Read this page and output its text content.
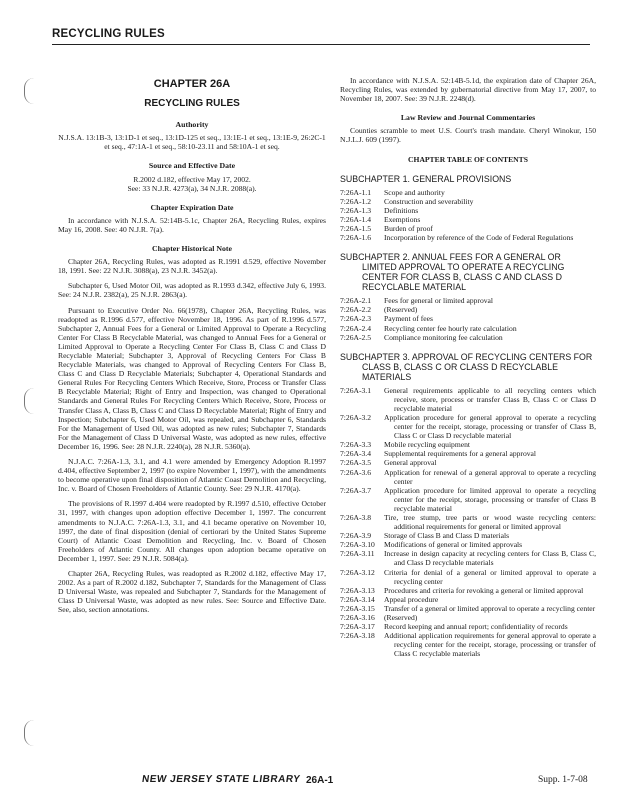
RECYCLING RULES
CHAPTER 26A
RECYCLING RULES
Authority
N.J.S.A. 13:1B-3, 13:1D-1 et seq., 13:1D-125 et seq., 13:1E-1 et seq., 13:1E-9, 26:2C-1 et seq., 47:1A-1 et seq., 58:10-23.11 and 58:10A-1 et seq.
Source and Effective Date
R.2002 d.182, effective May 17, 2002.
See: 33 N.J.R. 4273(a), 34 N.J.R. 2088(a).
Chapter Expiration Date

In accordance with N.J.S.A. 52:14B-5.1c, Chapter 26A, Recycling Rules, expires May 16, 2008. See: 40 N.J.R. 7(a).

Chapter Historical Note

Chapter 26A, Recycling Rules, was adopted as R.1991 d.529, effective November 18, 1991. See: 22 N.J.R. 3088(a), 23 N.J.R. 3452(a).

Subchapter 6, Used Motor Oil, was adopted as R.1993 d.342, effective July 6, 1993. See: 24 N.J.R. 2382(a), 25 N.J.R. 2863(a).

Pursuant to Executive Order No. 66(1978), Chapter 26A, Recycling Rules, was readopted as R.1996 d.577, effective November 18, 1996. As part of R.1996 d.577, Subchapter 2, Annual Fees for a General or Limited Approval to Operate a Recycling Center For Class B Recyclable Material, was changed to Annual Fees for a General or Limited Approval to Operate a Recycling Center For Class B, Class C and Class D Recyclable Material; Subchapter 3, Approval of Recycling Centers For Class B Recyclable Materials, was changed to Approval of Recycling Centers For Class B, Class C and Class D Recyclable Materials; Subchapter 4, Operational Standards and General Rules For Recycling Centers Which Receive, Store, Process or Transfer Class B Recyclable Material; Right of Entry and Inspection, was changed to Operational Standards and General Rules For Recycling Centers Which Receive, Store, Process or Transfer Class A, Class B, Class C and Class D Recyclable Material; Right of Entry and Inspection; Subchapter 6, Used Motor Oil, was repealed, and Subchapter 6, Standards For the Management of Used Oil, was adopted as new rules; Subchapter 7, Standards For the Management of Class D Universal Waste, was adopted as new rules, effective December 16, 1996. See: 28 N.J.R. 2240(a), 28 N.J.R. 5360(a).

N.J.A.C. 7:26A-1.3, 3.1, and 4.1 were amended by Emergency Adoption R.1997 d.404, effective September 2, 1997 (to expire November 1, 1997), with the amendments to become operative upon final disposition of Atlantic Coast Demolition and Recycling, Inc. v. Board of Chosen Freeholders of Atlantic County. See: 29 N.J.R. 4170(a).

The provisions of R.1997 d.404 were readopted by R.1997 d.510, effective October 31, 1997, with changes upon adoption effective December 1, 1997. The concurrent amendments to N.J.A.C. 7:26A-1.3, 3.1, and 4.1 became operative on November 10, 1997, the date of final disposition (denial of certiorari by the United States Supreme Court) of Atlantic Coast Demolition and Recycling, Inc. v. Board of Chosen Freeholders of Atlantic County. All changes upon adoption became operative on December 1, 1997. See: 29 N.J.R. 5084(a).

Chapter 26A, Recycling Rules, was readopted as R.2002 d.182, effective May 17, 2002. As a part of R.2002 d.182, Subchapter 7, Standards for the Management of Class D Universal Waste, was repealed and Subchapter 7, Standards for the Management of Class D Universal Waste, was adopted as new rules. See: Source and Effective Date. See, also, section annotations.

In accordance with N.J.S.A. 52:14B-5.1d, the expiration date of Chapter 26A, Recycling Rules, was extended by gubernatorial directive from May 17, 2007, to November 18, 2007. See: 39 N.J.R. 2248(d).

Law Review and Journal Commentaries

Counties scramble to meet U.S. Court's trash mandate. Cheryl Winokur, 150 N.J.L.J. 609 (1997).

CHAPTER TABLE OF CONTENTS
SUBCHAPTER 1. GENERAL PROVISIONS
7:26A-1.1	Scope and authority
7:26A-1.2	Construction and severability
7:26A-1.3	Definitions
7:26A-1.4	Exemptions
7:26A-1.5	Burden of proof
7:26A-1.6	Incorporation by reference of the Code of Federal Regulations
SUBCHAPTER 2. ANNUAL FEES FOR A GENERAL OR LIMITED APPROVAL TO OPERATE A RECYCLING CENTER FOR CLASS B, CLASS C AND CLASS D RECYCLABLE MATERIAL
7:26A-2.1	Fees for general or limited approval
7:26A-2.2	(Reserved)
7:26A-2.3	Payment of fees
7:26A-2.4	Recycling center fee hourly rate calculation
7:26A-2.5	Compliance monitoring fee calculation
SUBCHAPTER 3. APPROVAL OF RECYCLING CENTERS FOR CLASS B, CLASS C OR CLASS D RECYCLABLE MATERIALS
7:26A-3.1	General requirements applicable to all recycling centers which receive, store, process or transfer Class B, Class C or Class D recyclable material
7:26A-3.2	Application procedure for general approval to operate a recycling center for the receipt, storage, processing or transfer of Class B, Class C or Class D recyclable material
7:26A-3.3	Mobile recycling equipment
7:26A-3.4	Supplemental requirements for a general approval
7:26A-3.5	General approval
7:26A-3.6	Application for renewal of a general approval to operate a recycling center
7:26A-3.7	Application procedure for limited approval to operate a recycling center for the receipt, storage, processing or transfer of Class B recyclable material
7:26A-3.8	Tire, tree stump, tree parts or wood waste recycling centers: additional requirements for general or limited approval
7:26A-3.9	Storage of Class B and Class D materials
7:26A-3.10	Modifications of general or limited approvals
7:26A-3.11	Increase in design capacity at recycling centers for Class B, Class C, and Class D recyclable materials
7:26A-3.12	Criteria for denial of a general or limited approval to operate a recycling center
7:26A-3.13	Procedures and criteria for revoking a general or limited approval
7:26A-3.14	Appeal procedure
7:26A-3.15	Transfer of a general or limited approval to operate a recycling center
7:26A-3.16	(Reserved)
7:26A-3.17	Record keeping and annual report; confidentiality of records
7:26A-3.18	Additional application requirements for general approval to operate a recycling center for the receipt, storage, processing or transfer of Class C recyclable materials
NEW JERSEY STATE LIBRARY 26A-1	Supp. 1-7-08
